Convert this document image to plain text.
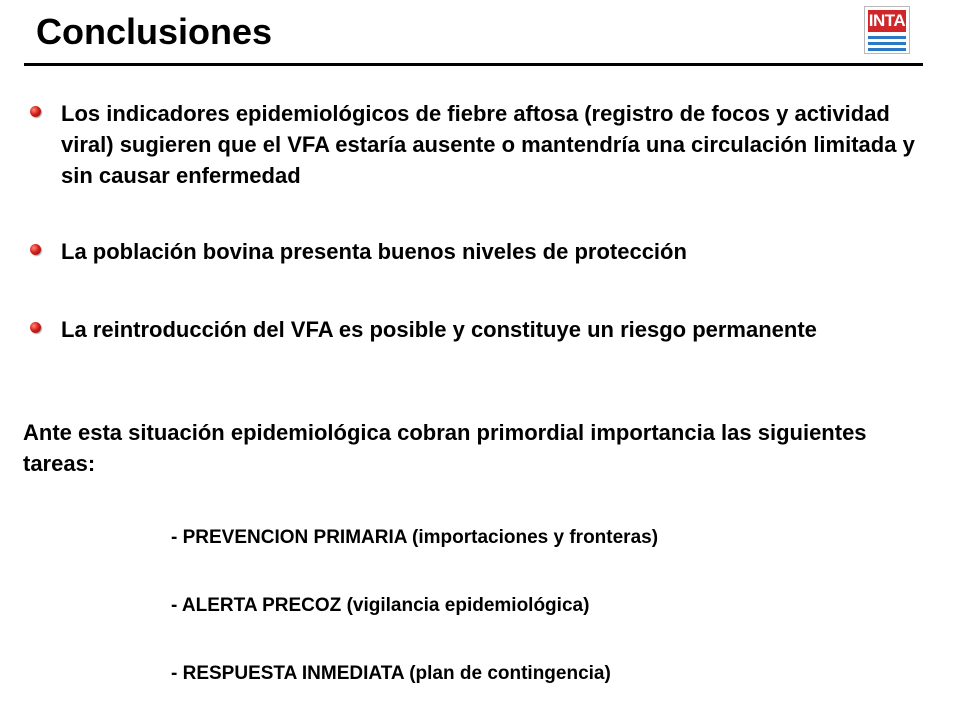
Conclusiones	INTA
Los indicadores epidemiológicos de fiebre aftosa (registro de focos y actividad viral) sugieren que el VFA estaría ausente o mantendría una circulación limitada y sin causar enfermedad
La población bovina presenta buenos niveles de protección
La reintroducción del VFA es posible y constituye un riesgo permanente
Ante esta situación epidemiológica cobran primordial importancia las siguientes tareas:
- PREVENCION PRIMARIA (importaciones y fronteras)
- ALERTA PRECOZ (vigilancia epidemiológica)
- RESPUESTA INMEDIATA (plan de contingencia)
